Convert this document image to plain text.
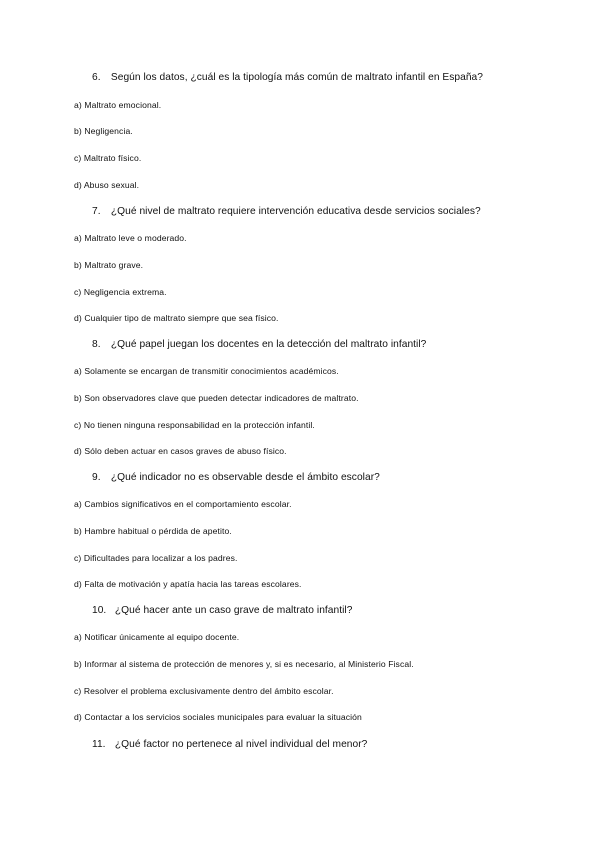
6. Según los datos, ¿cuál es la tipología más común de maltrato infantil en España?
a) Maltrato emocional.
b) Negligencia.
c) Maltrato físico.
d) Abuso sexual.
7. ¿Qué nivel de maltrato requiere intervención educativa desde servicios sociales?
a) Maltrato leve o moderado.
b) Maltrato grave.
c) Negligencia extrema.
d) Cualquier tipo de maltrato siempre que sea físico.
8. ¿Qué papel juegan los docentes en la detección del maltrato infantil?
a) Solamente se encargan de transmitir conocimientos académicos.
b) Son observadores clave que pueden detectar indicadores de maltrato.
c) No tienen ninguna responsabilidad en la protección infantil.
d) Sólo deben actuar en casos graves de abuso físico.
9. ¿Qué indicador no es observable desde el ámbito escolar?
a) Cambios significativos en el comportamiento escolar.
b) Hambre habitual o pérdida de apetito.
c) Dificultades para localizar a los padres.
d) Falta de motivación y apatía hacia las tareas escolares.
10. ¿Qué hacer ante un caso grave de maltrato infantil?
a) Notificar únicamente al equipo docente.
b) Informar al sistema de protección de menores y, si es necesario, al Ministerio Fiscal.
c) Resolver el problema exclusivamente dentro del ámbito escolar.
d) Contactar a los servicios sociales municipales para evaluar la situación
11. ¿Qué factor no pertenece al nivel individual del menor?
